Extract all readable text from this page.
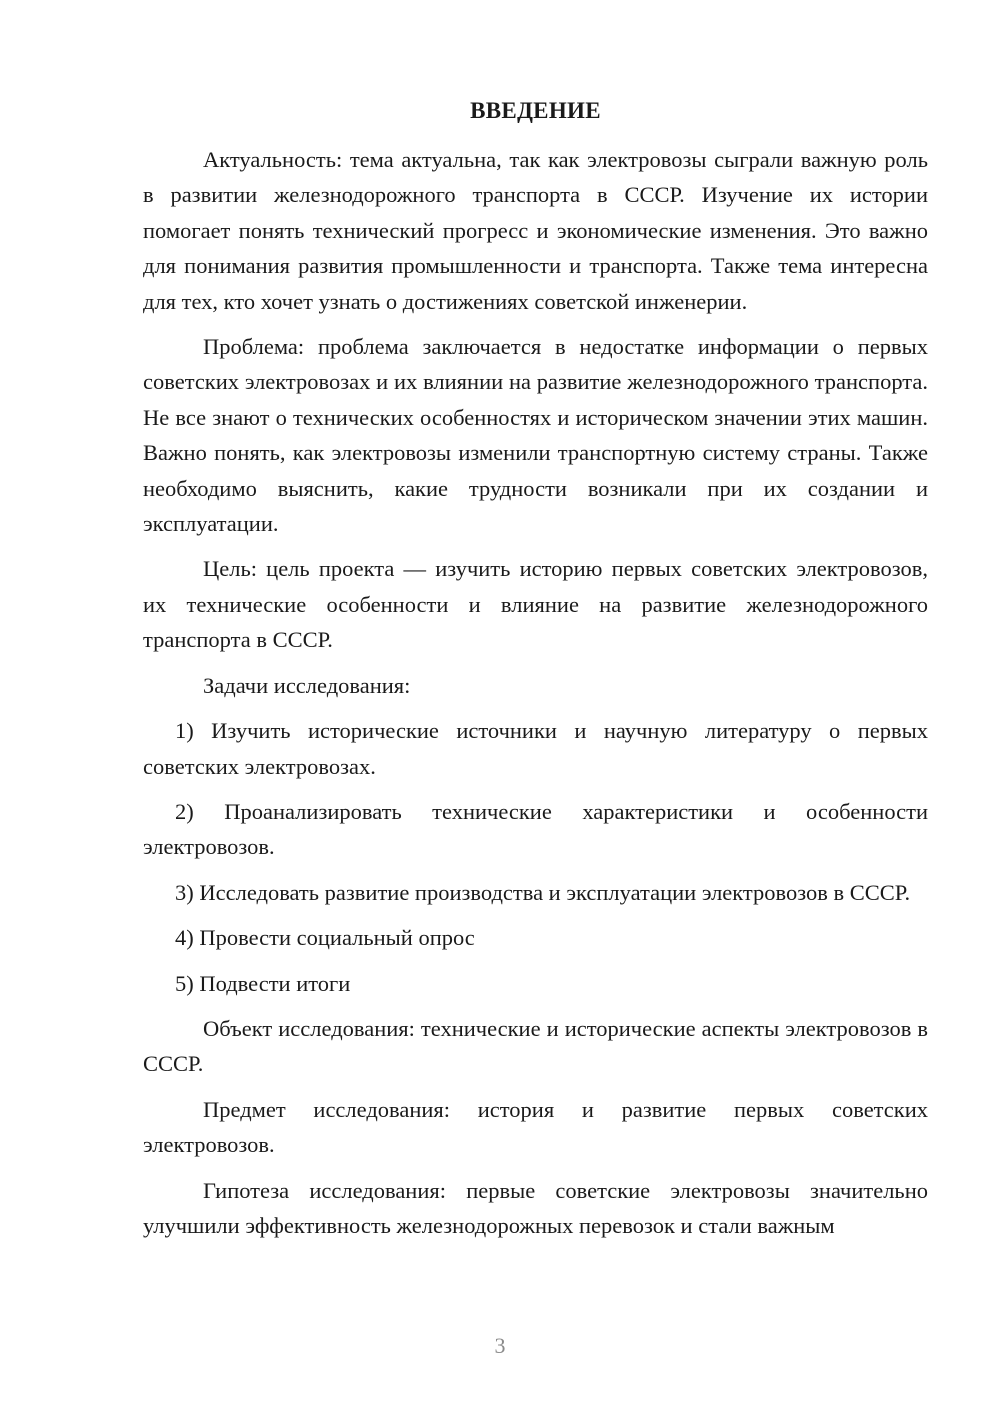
ВВЕДЕНИЕ

Актуальность: тема актуальна, так как электровозы сыграли важную роль в развитии железнодорожного транспорта в СССР. Изучение их истории помогает понять технический прогресс и экономические изменения. Это важно для понимания развития промышленности и транспорта. Также тема интересна для тех, кто хочет узнать о достижениях советской инженерии.

Проблема: проблема заключается в недостатке информации о первых советских электровозах и их влиянии на развитие железнодорожного транспорта. Не все знают о технических особенностях и историческом значении этих машин. Важно понять, как электровозы изменили транспортную систему страны. Также необходимо выяснить, какие трудности возникали при их создании и эксплуатации.

Цель: цель проекта — изучить историю первых советских электровозов, их технические особенности и влияние на развитие железнодорожного транспорта в СССР.

Задачи исследования:

1) Изучить исторические источники и научную литературу о первых советских электровозах.

2) Проанализировать технические характеристики и особенности электровозов.

3) Исследовать развитие производства и эксплуатации электровозов в СССР.

4) Провести социальный опрос

5) Подвести итоги

Объект исследования: технические и исторические аспекты электровозов в СССР.

Предмет исследования: история и развитие первых советских электровозов.

Гипотеза исследования: первые советские электровозы значительно улучшили эффективность железнодорожных перевозок и стали важным

3
